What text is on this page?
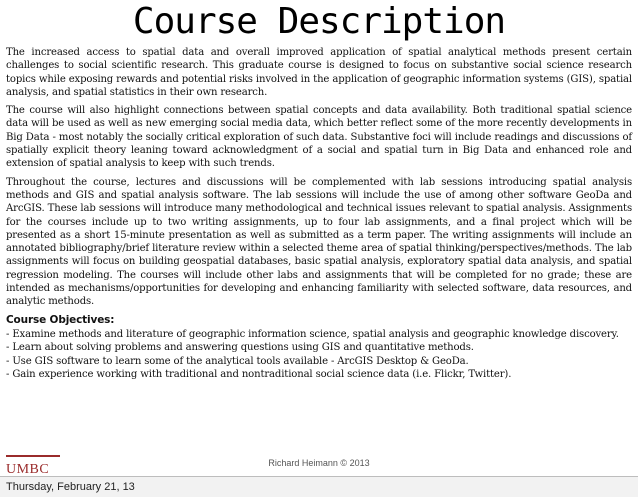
Course Description

The increased access to spatial data and overall improved application of spatial analytical methods present certain challenges to social scientific research. This graduate course is designed to focus on substantive social science research topics while exposing rewards and potential risks involved in the application of geographic information systems (GIS), spatial analysis, and spatial statistics in their own research.

The course will also highlight connections between spatial concepts and data availability. Both traditional spatial science data will be used as well as new emerging social media data, which better reflect some of the more recently developments in Big Data - most notably the socially critical exploration of such data. Substantive foci will include readings and discussions of spatially explicit theory leaning toward acknowledgment of a social and spatial turn in Big Data and enhanced role and extension of spatial analysis to keep with such trends.

Throughout the course, lectures and discussions will be complemented with lab sessions introducing spatial analysis methods and GIS and spatial analysis software. The lab sessions will include the use of among other software GeoDa and ArcGIS. These lab sessions will introduce many methodological and technical issues relevant to spatial analysis. Assignments for the courses include up to two writing assignments, up to four lab assignments, and a final project which will be presented as a short 15-minute presentation as well as submitted as a term paper. The writing assignments will include an annotated bibliography/brief literature review within a selected theme area of spatial thinking/perspectives/methods. The lab assignments will focus on building geospatial databases, basic spatial analysis, exploratory spatial data analysis, and spatial regression modeling. The courses will include other labs and assignments that will be completed for no grade; these are intended as mechanisms/opportunities for developing and enhancing familiarity with selected software, data resources, and analytic methods.

Course Objectives:
- Examine methods and literature of geographic information science, spatial analysis and geographic knowledge discovery.
- Learn about solving problems and answering questions using GIS and quantitative methods.
- Use GIS software to learn some of the analytical tools available - ArcGIS Desktop & GeoDa.
- Gain experience working with traditional and nontraditional social science data (i.e. Flickr, Twitter).
UMBC	Richard Heimann © 2013
Thursday, February 21, 13
